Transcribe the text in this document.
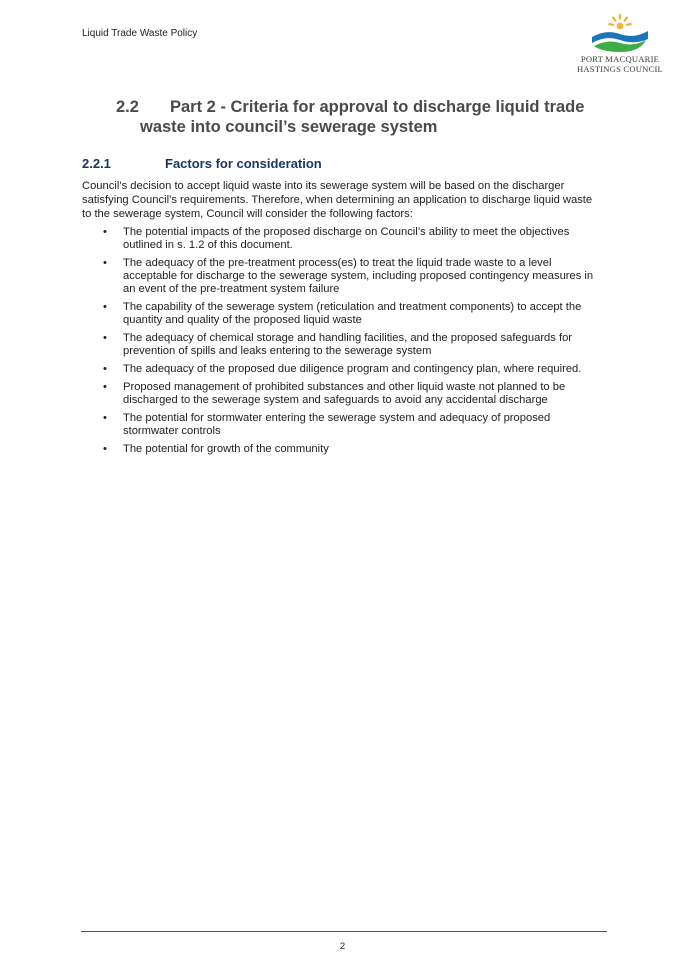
Liquid Trade Waste Policy
PORT MACQUARIE
HASTINGS COUNCIL
2.2 Part 2 - Criteria for approval to discharge liquid trade
waste into council’s sewerage system
2.2.1	Factors for consideration

Council’s decision to accept liquid waste into its sewerage system will be based on the discharger satisfying Council’s requirements. Therefore, when determining an application to discharge liquid waste to the sewerage system, Council will consider the following factors:

• The potential impacts of the proposed discharge on Council’s ability to meet the objectives outlined in s. 1.2 of this document.
• The adequacy of the pre-treatment process(es) to treat the liquid trade waste to a level acceptable for discharge to the sewerage system, including proposed contingency measures in an event of the pre-treatment system failure
• The capability of the sewerage system (reticulation and treatment components) to accept the quantity and quality of the proposed liquid waste
• The adequacy of chemical storage and handling facilities, and the proposed safeguards for prevention of spills and leaks entering to the sewerage system
• The adequacy of the proposed due diligence program and contingency plan, where required.
• Proposed management of prohibited substances and other liquid waste not planned to be discharged to the sewerage system and safeguards to avoid any accidental discharge
• The potential for stormwater entering the sewerage system and adequacy of proposed stormwater controls
• The potential for growth of the community
2
